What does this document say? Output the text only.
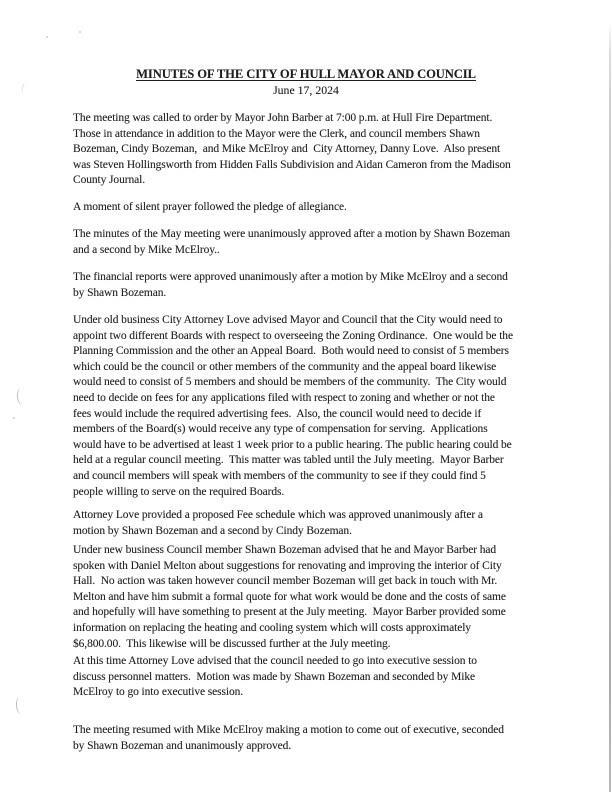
MINUTES OF THE CITY OF HULL MAYOR AND COUNCIL
June 17, 2024
The meeting was called to order by Mayor John Barber at 7:00 p.m. at Hull Fire Department.
Those in attendance in addition to the Mayor were the Clerk, and council members Shawn
Bozeman, Cindy Bozeman,  and Mike McElroy and  City Attorney, Danny Love.  Also present
was Steven Hollingsworth from Hidden Falls Subdivision and Aidan Cameron from the Madison
County Journal.
A moment of silent prayer followed the pledge of allegiance.
The minutes of the May meeting were unanimously approved after a motion by Shawn Bozeman
and a second by Mike McElroy..
The financial reports were approved unanimously after a motion by Mike McElroy and a second
by Shawn Bozeman.
Under old business City Attorney Love advised Mayor and Council that the City would need to
appoint two different Boards with respect to overseeing the Zoning Ordinance.  One would be the
Planning Commission and the other an Appeal Board.  Both would need to consist of 5 members
which could be the council or other members of the community and the appeal board likewise
would need to consist of 5 members and should be members of the community.  The City would
need to decide on fees for any applications filed with respect to zoning and whether or not the
fees would include the required advertising fees.  Also, the council would need to decide if
members of the Board(s) would receive any type of compensation for serving.  Applications
would have to be advertised at least 1 week prior to a public hearing. The public hearing could be
held at a regular council meeting.  This matter was tabled until the July meeting.  Mayor Barber
and council members will speak with members of the community to see if they could find 5
people willing to serve on the required Boards.
Attorney Love provided a proposed Fee schedule which was approved unanimously after a
motion by Shawn Bozeman and a second by Cindy Bozeman.
Under new business Council member Shawn Bozeman advised that he and Mayor Barber had
spoken with Daniel Melton about suggestions for renovating and improving the interior of City
Hall.  No action was taken however council member Bozeman will get back in touch with Mr.
Melton and have him submit a formal quote for what work would be done and the costs of same
and hopefully will have something to present at the July meeting.  Mayor Barber provided some
information on replacing the heating and cooling system which will costs approximately
$6,800.00.  This likewise will be discussed further at the July meeting.
At this time Attorney Love advised that the council needed to go into executive session to
discuss personnel matters.  Motion was made by Shawn Bozeman and seconded by Mike
McElroy to go into executive session.
The meeting resumed with Mike McElroy making a motion to come out of executive, seconded
by Shawn Bozeman and unanimously approved.
